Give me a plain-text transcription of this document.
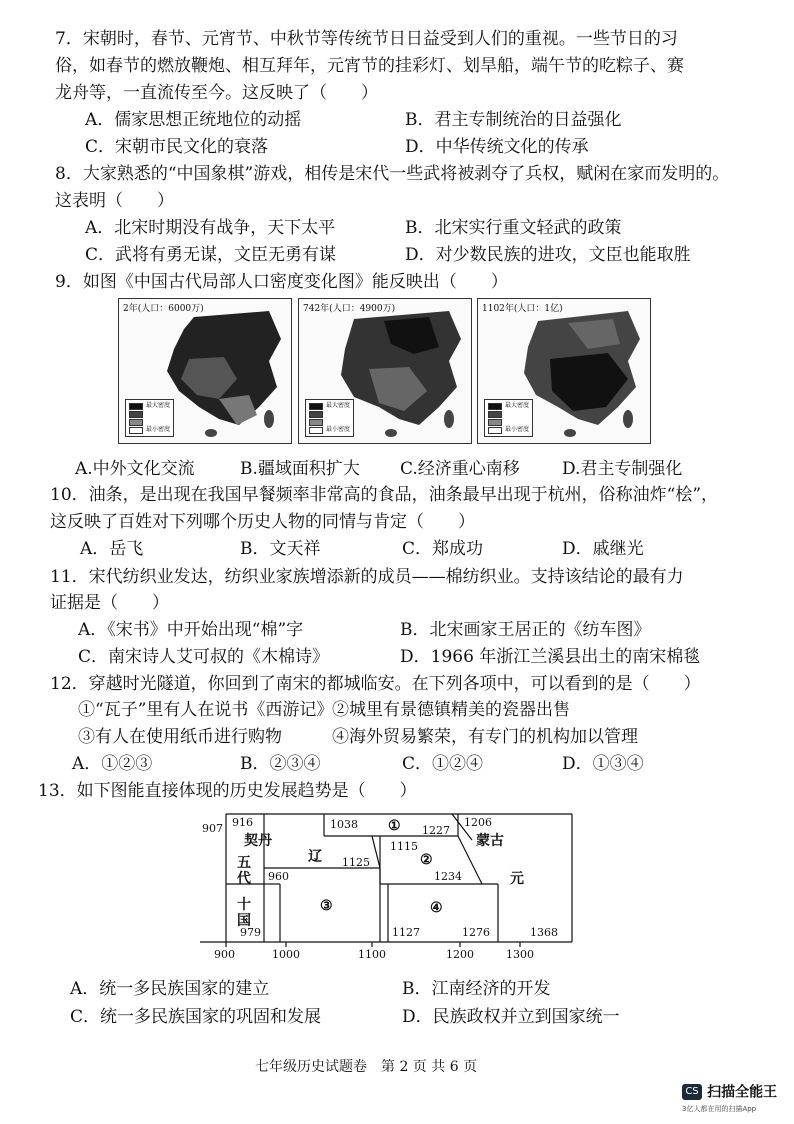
7．宋朝时，春节、元宵节、中秋节等传统节日日益受到人们的重视。一些节日的习
俗，如春节的燃放鞭炮、相互拜年，元宵节的挂彩灯、划旱船，端午节的吃粽子、赛
龙舟等，一直流传至今。这反映了（　　）
A．儒家思想正统地位的动摇	B．君主专制统治的日益强化
C．宋朝市民文化的衰落	D．中华传统文化的传承
8．大家熟悉的“中国象棋”游戏，相传是宋代一些武将被剥夺了兵权，赋闲在家而发明的。
这表明（　　）
A．北宋时期没有战争，天下太平	B．北宋实行重文轻武的政策
C．武将有勇无谋，文臣无勇有谋	D．对少数民族的进攻，文臣也能取胜
9．如图《中国古代局部人口密度变化图》能反映出（　　）
2年(人口：6000万)
最大密度
最小密度
742年(人口：4900万)
最大密度
最小密度
1102年(人口：1亿)
最大密度
最小密度
A.中外文化交流	B.疆域面积扩大 C.经济重心南移 D.君主专制强化
10．油条，是出现在我国早餐频率非常高的食品，油条最早出现于杭州，俗称油炸“桧”，
这反映了百姓对下列哪个历史人物的同情与肯定（　　）
A．岳飞	B．文天祥	C．郑成功	D．戚继光
11．宋代纺织业发达，纺织业家族增添新的成员——棉纺织业。支持该结论的最有力
证据是（　　）
A．《宋书》中开始出现“棉”字	B．北宋画家王居正的《纺车图》
C．南宋诗人艾可叔的《木棉诗》	D．1966 年浙江兰溪县出土的南宋棉毯
12．穿越时光隧道，你回到了南宋的都城临安。在下列各项中，可以看到的是（　　）
①“瓦子”里有人在说书《西游记》
②城里有景德镇精美的瓷器出售
③有人在使用纸币进行购物	④海外贸易繁荣，有专门的机构加以管理
A．①②③	B．②③④	C．①②④	D．①③④
13．如下图能直接体现的历史发展趋势是（　　）
907 916	1038	1206
1227
1115
1125
960	1234
979	1127	1276	1368
契丹
辽
五
代
十
国
蒙古
元
①
②
③	④
900	1000	1100	1200	1300
A．统一多民族国家的建立	B．江南经济的开发
C．统一多民族国家的巩固和发展	D．民族政权并立到国家统一
七年级历史试题卷　第 2 页 共 6 页
CS 扫描全能王
3亿人都在用的扫描App
